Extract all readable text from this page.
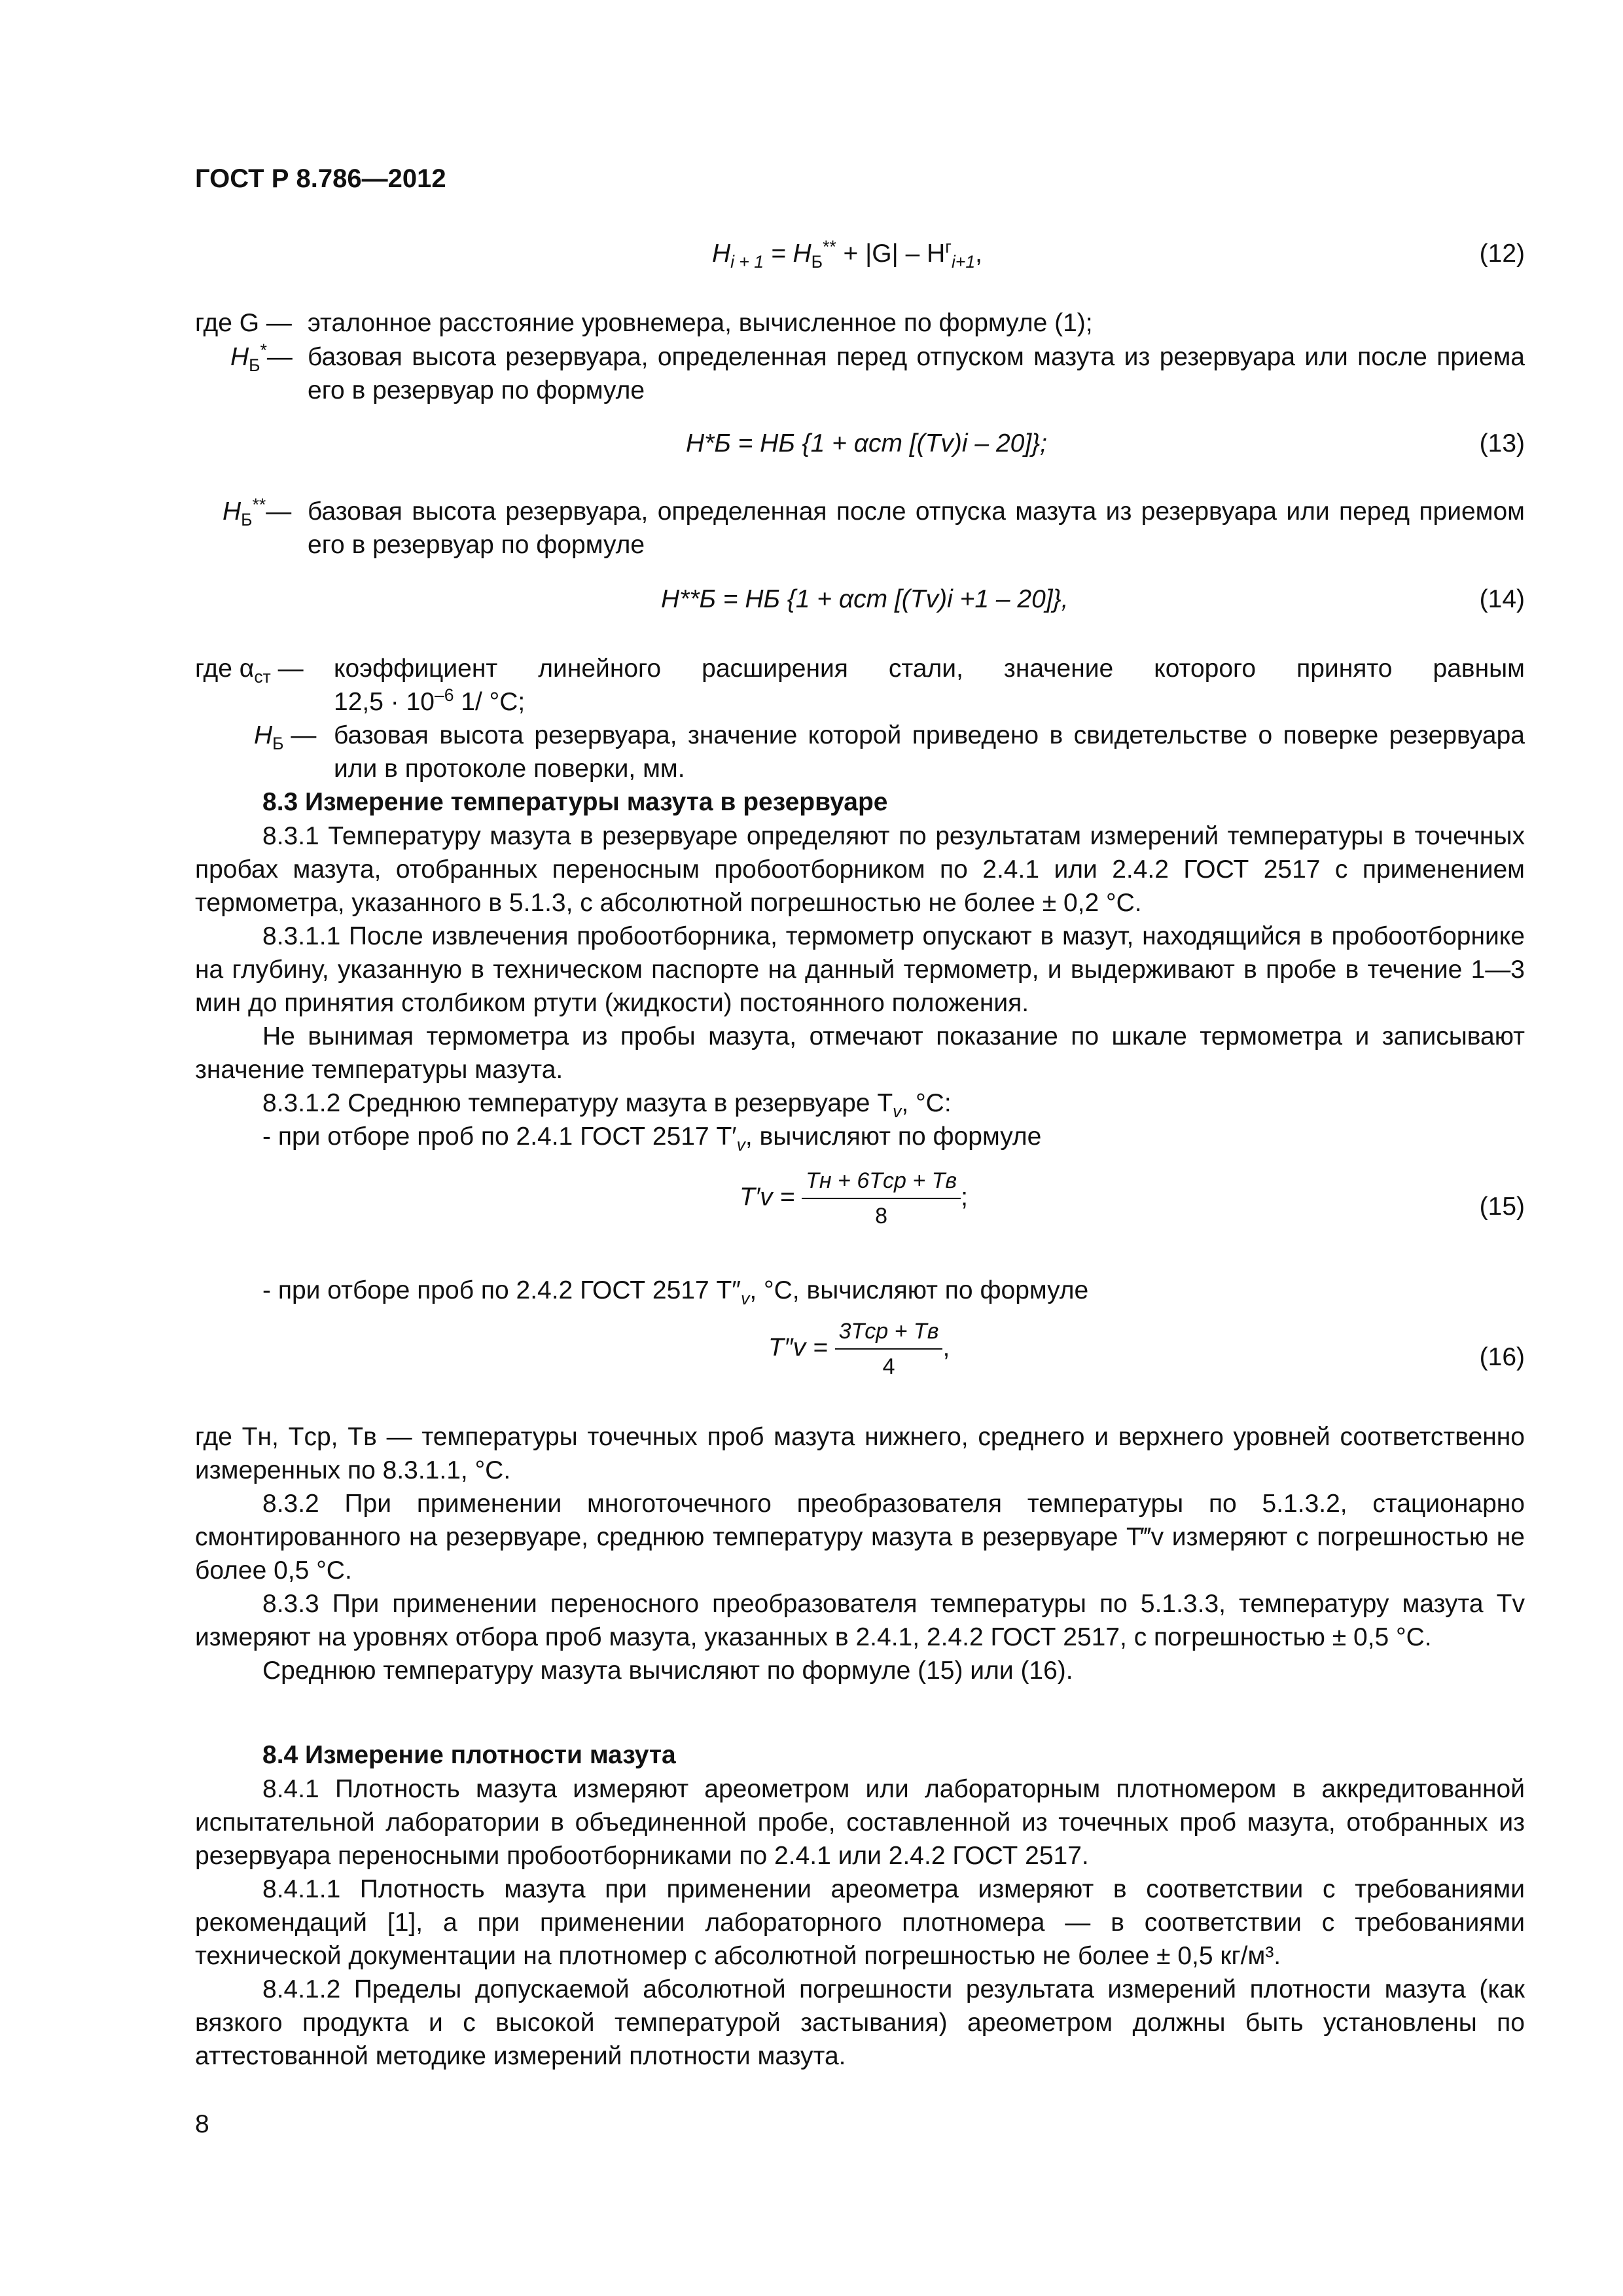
ГОСТ Р 8.786—2012
$H_{i + 1} = H_Б^{**} + |G| - H^г_{i+1}$,	(12)
где G — эталонное расстояние уровнемера, вычисленное по формуле (1);
$H_Б^*—$ базовая высота резервуара, определенная перед отпуском мазута из резервуара или после приема его в резервуар по формуле
H*Б = HБ {1 + αст [(Tv)i – 20]};	(13)
$H_Б^{**}—$ базовая высота резервуара, определенная после отпуска мазута из резервуара или перед приемом его в резервуар по формуле
H**Б = HБ {1 + αст [(Tv)i +1 – 20]},	(14)
где $\alpha_{ст}$ — коэффициент линейного расширения стали, значение которого принято равным
$12,5 \cdot 10^{-6}$ 1/ °С;
$H_Б$ — базовая высота резервуара, значение которой приведено в свидетельстве о поверке резервуара или в протоколе поверки, мм.
8.3 Измерение температуры мазута в резервуаре

8.3.1 Температуру мазута в резервуаре определяют по результатам измерений температуры в точечных пробах мазута, отобранных переносным пробоотборником по 2.4.1 или 2.4.2 ГОСТ 2517 с применением термометра, указанного в 5.1.3, с абсолютной погрешностью не более ± 0,2 °С.

8.3.1.1 После извлечения пробоотборника, термометр опускают в мазут, находящийся в пробоотборнике на глубину, указанную в техническом паспорте на данный термометр, и выдерживают в пробе в течение 1—3 мин до принятия столбиком ртути (жидкости) постоянного положения.

Не вынимая термометра из пробы мазута, отмечают показание по шкале термометра и записывают значение температуры мазута.

8.3.1.2 Среднюю температуру мазута в резервуаре $T_v$, °С:

- при отборе проб по 2.4.1 ГОСТ 2517 $T'_v$, вычисляют по формуле

$T'v = \frac{\text{Tн + 6Tср + Tв}}{8}$ ;	(15)

- при отборе проб по 2.4.2 ГОСТ 2517 $T''_v$, °С, вычисляют по формуле

$T''v = \frac{\text{3Tср + Tв}}{4}$ ,	(16)

где Tн, Tср, Tв — температуры точечных проб мазута нижнего, среднего и верхнего уровней соответственно измеренных по 8.3.1.1, °С.

8.3.2 При применении многоточечного преобразователя температуры по 5.1.3.2, стационарно смонтированного на резервуаре, среднюю температуру мазута в резервуаре T‴v измеряют с погрешностью не более 0,5 °С.

8.3.3 При применении переносного преобразователя температуры по 5.1.3.3, температуру мазута Tv измеряют на уровнях отбора проб мазута, указанных в 2.4.1, 2.4.2 ГОСТ 2517, с погрешностью ± 0,5 °С.

Среднюю температуру мазута вычисляют по формуле (15) или (16).

8.4 Измерение плотности мазута

8.4.1 Плотность мазута измеряют ареометром или лабораторным плотномером в аккредитованной испытательной лаборатории в объединенной пробе, составленной из точечных проб мазута, отобранных из резервуара переносными пробоотборниками по 2.4.1 или 2.4.2 ГОСТ 2517.

8.4.1.1 Плотность мазута при применении ареометра измеряют в соответствии с требованиями рекомендаций [1], а при применении лабораторного плотномера — в соответствии с требованиями технической документации на плотномер с абсолютной погрешностью не более ± 0,5 кг/м³.

8.4.1.2 Пределы допускаемой абсолютной погрешности результата измерений плотности мазута (как вязкого продукта и с высокой температурой застывания) ареометром должны быть установлены по аттестованной методике измерений плотности мазута.

8
